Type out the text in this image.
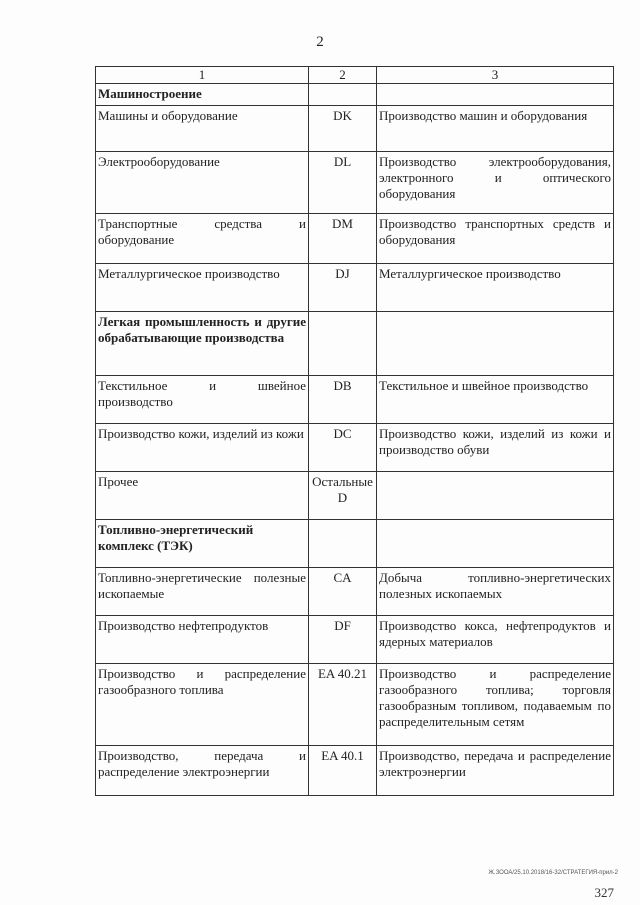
2
1	2	3
Машиностроение		
Машины и оборудование	DK	Производство машин и оборудования
Электрооборудование	DL	Производство электрооборудования, электронного и оптического оборудования
Транспортные средства и оборудование	DM	Производство транспортных средств и оборудования
Металлургическое производство	DJ	Металлургическое производство
Легкая промышленность и другие обрабатывающие производства		
Текстильное и швейное производство	DB	Текстильное и швейное производство
Производство кожи, изделий из кожи	DC	Производство кожи, изделий из кожи и производство обуви
Прочее	Остальные D	
Топливно-энергетический комплекс (ТЭК)		
Топливно-энергетические полезные ископаемые	CA	Добыча топливно-энергетических полезных ископаемых
Производство нефтепродуктов	DF	Производство кокса, нефтепродуктов и ядерных материалов
Производство и распределение газообразного топлива	EA 40.21	Производство и распределение газообразного топлива; торговля газообразным топливом, подаваемым по распределительным сетям
Производство, передача и распределение электроэнергии	EA 40.1	Производство, передача и распределение электроэнергии
Ж.ЗООА/25.10.2018/16-32/СТРАТЕГИЯ-прил-2
327
